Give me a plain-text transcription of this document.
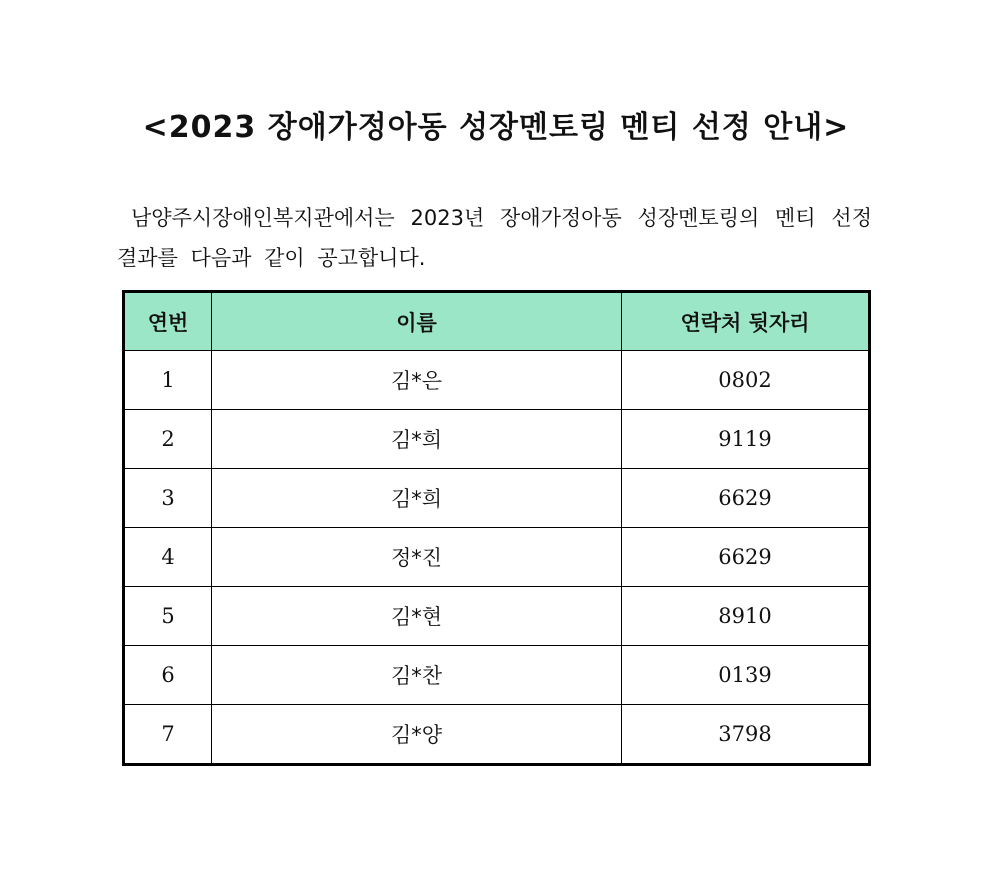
<2023 장애가정아동 성장멘토링 멘티 선정 안내>
남양주시장애인복지관에서는 2023년 장애가정아동 성장멘토링의 멘티 선정 결과를 다음과 같이 공고합니다.
연번	이름	연락처 뒷자리
1	김*은	0802
2	김*희	9119
3	김*희	6629
4	정*진	6629
5	김*현	8910
6	김*찬	0139
7	김*양	3798
